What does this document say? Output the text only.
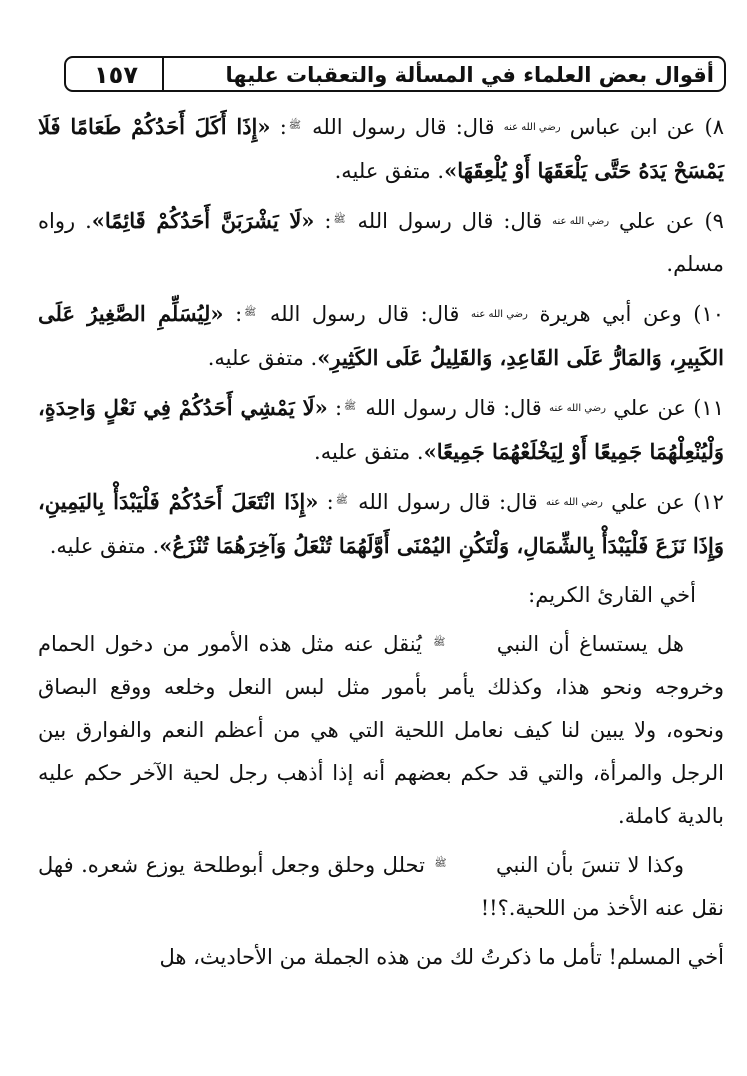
١٥٧	أقوال بعض العلماء في المسألة والتعقبات عليها

٨) عن ابن عباس رضي الله عنه قال: قال رسول الله ﷺ: «إِذَا أَكَلَ أَحَدُكُمْ طَعَامًا فَلَا يَمْسَحْ يَدَهُ حَتَّى يَلْعَقَهَا أَوْ يُلْعِقَهَا». متفق عليه.

٩) عن علي رضي الله عنه قال: قال رسول الله ﷺ: «لَا يَشْرَبَنَّ أَحَدُكُمْ قَائِمًا». رواه مسلم.

١٠) وعن أبي هريرة رضي الله عنه قال: قال رسول الله ﷺ: «لِيُسَلِّمِ الصَّغِيرُ عَلَى الكَبِيرِ، وَالمَارُّ عَلَى القَاعِدِ، وَالقَلِيلُ عَلَى الكَثِيرِ». متفق عليه.

١١) عن علي رضي الله عنه قال: قال رسول الله ﷺ: «لَا يَمْشِي أَحَدُكُمْ فِي نَعْلٍ وَاحِدَةٍ، وَلْيُنْعِلْهُمَا جَمِيعًا أَوْ لِيَخْلَعْهُمَا جَمِيعًا». متفق عليه.

١٢) عن علي رضي الله عنه قال: قال رسول الله ﷺ: «إِذَا انْتَعَلَ أَحَدُكُمْ فَلْيَبْدَأْ بِاليَمِينِ، وَإِذَا نَزَعَ فَلْيَبْدَأْ بِالشِّمَالِ، وَلْتَكُنِ اليُمْنَى أَوَّلَهُمَا تُنْعَلُ وَآخِرَهُمَا تُنْزَعُ». متفق عليه.

أخي القارئ الكريم:

هل يستساغ أن النبي ﷺ يُنقل عنه مثل هذه الأمور من دخول الحمام وخروجه ونحو هذا، وكذلك يأمر بأمور مثل لبس النعل وخلعه ووقع البصاق ونحوه، ولا يبين لنا كيف نعامل اللحية التي هي من أعظم النعم والفوارق بين الرجل والمرأة، والتي قد حكم بعضهم أنه إذا أذهب رجل لحية الآخر حكم عليه بالدية كاملة.

وكذا لا تنسَ بأن النبي ﷺ تحلل وحلق وجعل أبوطلحة يوزع شعره. فهل نقل عنه الأخذ من اللحية.؟!!

أخي المسلم! تأمل ما ذكرتُ لك من هذه الجملة من الأحاديث، هل
